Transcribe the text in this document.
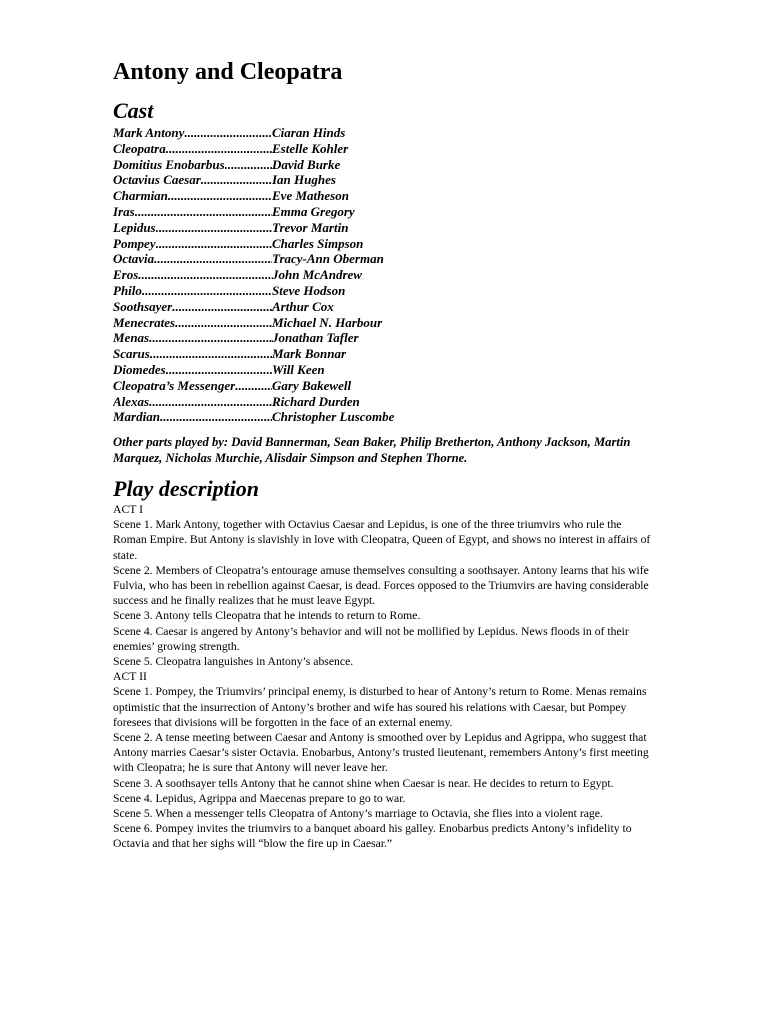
Antony and Cleopatra
Cast
Mark Antony .....	Ciaran Hinds
Cleopatra .....	Estelle Kohler
Domitius Enobarbus .....	David Burke
Octavius Caesar .....	Ian Hughes
Charmian .....	Eve Matheson
Iras .....	Emma Gregory
Lepidus .....	Trevor Martin
Pompey .....	Charles Simpson
Octavia .....	Tracy-Ann Oberman
Eros .....	John McAndrew
Philo .....	Steve Hodson
Soothsayer .....	Arthur Cox
Menecrates .....	Michael N. Harbour
Menas .....	Jonathan Tafler
Scarus .....	Mark Bonnar
Diomedes .....	Will Keen
Cleopatra’s Messenger .....	Gary Bakewell
Alexas .....	Richard Durden
Mardian .....	Christopher Luscombe

Other parts played by: David Bannerman, Sean Baker, Philip Bretherton, Anthony Jackson, Martin Marquez, Nicholas Murchie, Alisdair Simpson and Stephen Thorne.

Play description

ACT I

Scene 1. Mark Antony, together with Octavius Caesar and Lepidus, is one of the three triumvirs who rule the Roman Empire. But Antony is slavishly in love with Cleopatra, Queen of Egypt, and shows no interest in affairs of state.

Scene 2. Members of Cleopatra’s entourage amuse themselves consulting a soothsayer. Antony learns that his wife Fulvia, who has been in rebellion against Caesar, is dead. Forces opposed to the Triumvirs are having considerable success and he finally realizes that he must leave Egypt.

Scene 3. Antony tells Cleopatra that he intends to return to Rome.

Scene 4. Caesar is angered by Antony’s behavior and will not be mollified by Lepidus. News floods in of their enemies’ growing strength.

Scene 5. Cleopatra languishes in Antony’s absence.

ACT II

Scene 1. Pompey, the Triumvirs’ principal enemy, is disturbed to hear of Antony’s return to Rome. Menas remains optimistic that the insurrection of Antony’s brother and wife has soured his relations with Caesar, but Pompey foresees that divisions will be forgotten in the face of an external enemy.

Scene 2. A tense meeting between Caesar and Antony is smoothed over by Lepidus and Agrippa, who suggest that Antony marries Caesar’s sister Octavia. Enobarbus, Antony’s trusted lieutenant, remembers Antony’s first meeting with Cleopatra; he is sure that Antony will never leave her.

Scene 3. A soothsayer tells Antony that he cannot shine when Caesar is near. He decides to return to Egypt.

Scene 4. Lepidus, Agrippa and Maecenas prepare to go to war.

Scene 5. When a messenger tells Cleopatra of Antony’s marriage to Octavia, she flies into a violent rage.

Scene 6. Pompey invites the triumvirs to a banquet aboard his galley. Enobarbus predicts Antony’s infidelity to Octavia and that her sighs will “blow the fire up in Caesar.”
